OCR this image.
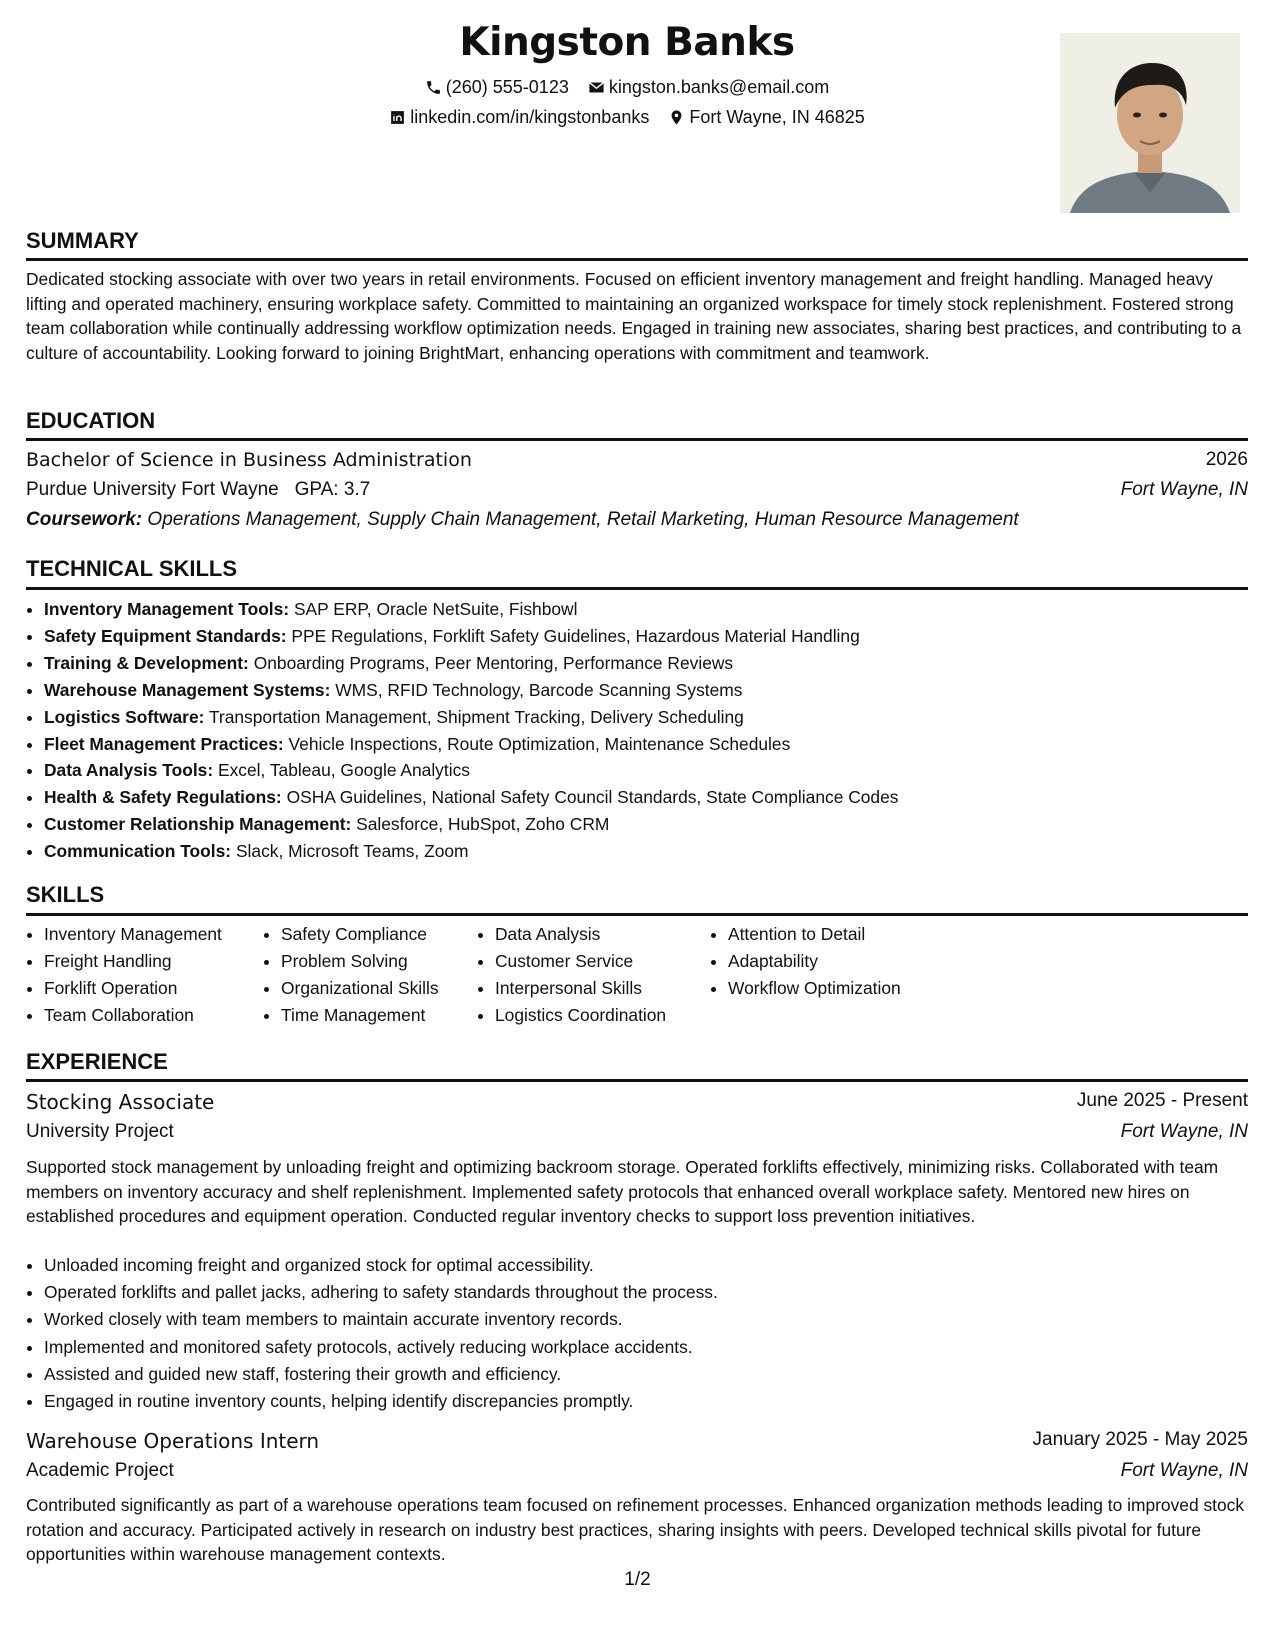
Kingston Banks
(260) 555-0123
kingston.banks@email.com
linkedin.com/in/kingstonbanks
Fort Wayne, IN 46825
SUMMARY

Dedicated stocking associate with over two years in retail environments. Focused on efficient inventory management and freight handling. Managed heavy lifting and operated machinery, ensuring workplace safety. Committed to maintaining an organized workspace for timely stock replenishment. Fostered strong team collaboration while continually addressing workflow optimization needs. Engaged in training new associates, sharing best practices, and contributing to a culture of accountability. Looking forward to joining BrightMart, enhancing operations with commitment and teamwork.

EDUCATION
Bachelor of Science in Business Administration	2026
Purdue University Fort Wayne GPA: 3.7	Fort Wayne, IN
Coursework: Operations Management, Supply Chain Management, Retail Marketing, Human Resource Management
TECHNICAL SKILLS
• Inventory Management Tools: SAP ERP, Oracle NetSuite, Fishbowl
• Safety Equipment Standards: PPE Regulations, Forklift Safety Guidelines, Hazardous Material Handling
• Training & Development: Onboarding Programs, Peer Mentoring, Performance Reviews
• Warehouse Management Systems: WMS, RFID Technology, Barcode Scanning Systems
• Logistics Software: Transportation Management, Shipment Tracking, Delivery Scheduling
• Fleet Management Practices: Vehicle Inspections, Route Optimization, Maintenance Schedules
• Data Analysis Tools: Excel, Tableau, Google Analytics
• Health & Safety Regulations: OSHA Guidelines, National Safety Council Standards, State Compliance Codes
• Customer Relationship Management: Salesforce, HubSpot, Zoho CRM
• Communication Tools: Slack, Microsoft Teams, Zoom
SKILLS
• Inventory Management
• Freight Handling
• Forklift Operation
• Team Collaboration
• Safety Compliance
• Problem Solving
• Organizational Skills
• Time Management
• Data Analysis
• Customer Service
• Interpersonal Skills
• Logistics Coordination
• Attention to Detail
• Adaptability
• Workflow Optimization
EXPERIENCE
Stocking Associate	June 2025 - Present
University Project	Fort Wayne, IN

Supported stock management by unloading freight and optimizing backroom storage. Operated forklifts effectively, minimizing risks. Collaborated with team members on inventory accuracy and shelf replenishment. Implemented safety protocols that enhanced overall workplace safety. Mentored new hires on established procedures and equipment operation. Conducted regular inventory checks to support loss prevention initiatives.

• Unloaded incoming freight and organized stock for optimal accessibility.
• Operated forklifts and pallet jacks, adhering to safety standards throughout the process.
• Worked closely with team members to maintain accurate inventory records.
• Implemented and monitored safety protocols, actively reducing workplace accidents.
• Assisted and guided new staff, fostering their growth and efficiency.
• Engaged in routine inventory counts, helping identify discrepancies promptly.
Warehouse Operations Intern	January 2025 - May 2025
Academic Project	Fort Wayne, IN

Contributed significantly as part of a warehouse operations team focused on refinement processes. Enhanced organization methods leading to improved stock rotation and accuracy. Participated actively in research on industry best practices, sharing insights with peers. Developed technical skills pivotal for future opportunities within warehouse management contexts.

1/2
